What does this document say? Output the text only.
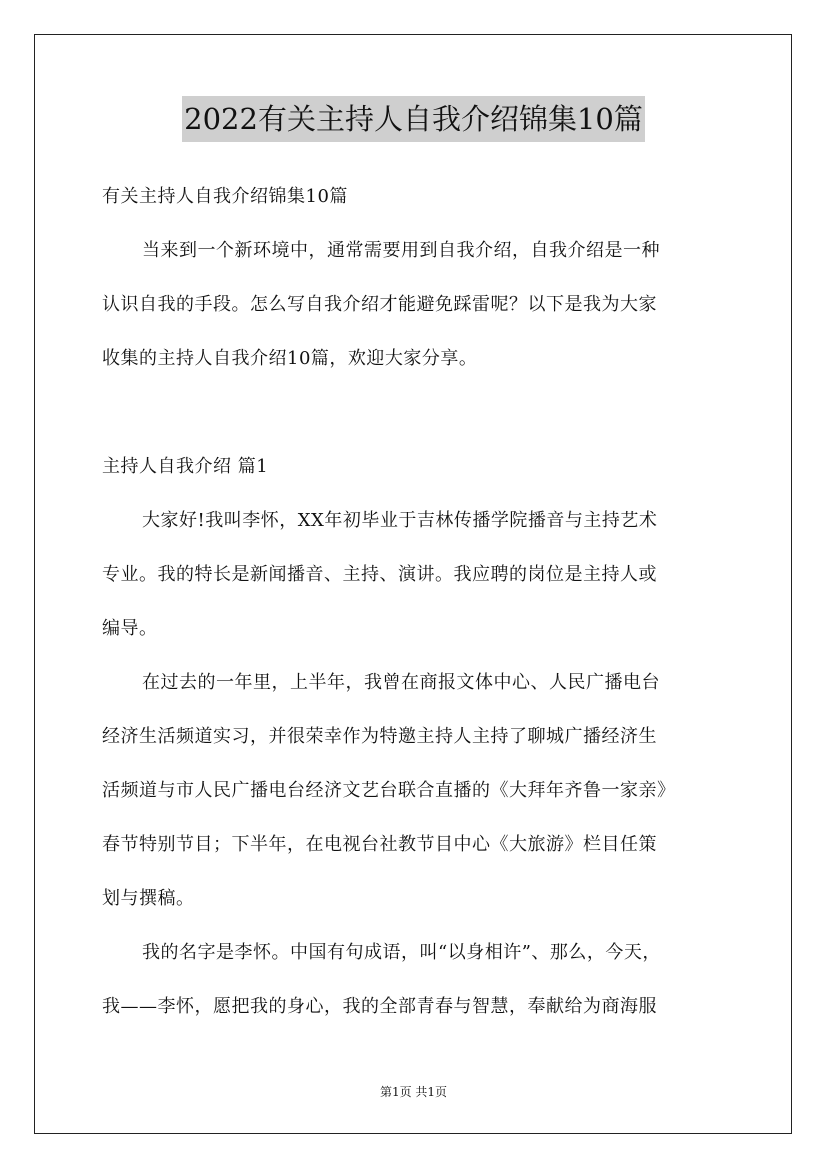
2022有关主持人自我介绍锦集10篇
有关主持人自我介绍锦集10篇
当来到一个新环境中，通常需要用到自我介绍，自我介绍是一种
认识自我的手段。怎么写自我介绍才能避免踩雷呢？以下是我为大家
收集的主持人自我介绍10篇，欢迎大家分享。
主持人自我介绍 篇1
大家好!我叫李怀，XX年初毕业于吉林传播学院播音与主持艺术
专业。我的特长是新闻播音、主持、演讲。我应聘的岗位是主持人或
编导。
在过去的一年里，上半年，我曾在商报文体中心、人民广播电台
经济生活频道实习，并很荣幸作为特邀主持人主持了聊城广播经济生
活频道与市人民广播电台经济文艺台联合直播的《大拜年齐鲁一家亲》
春节特别节目；下半年，在电视台社教节目中心《大旅游》栏目任策
划与撰稿。
我的名字是李怀。中国有句成语，叫“以身相许”、那么，今天，
我——李怀，愿把我的身心，我的全部青春与智慧，奉献给为商海服
第1页 共1页
